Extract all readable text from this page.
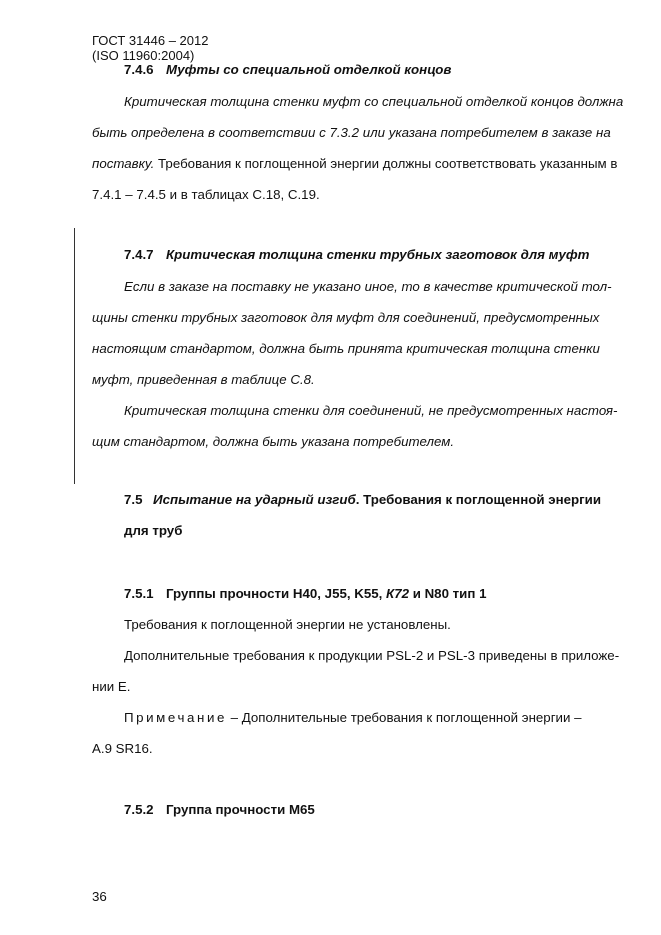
ГОСТ 31446 – 2012
(ISO 11960:2004)
7.4.6 Муфты со специальной отделкой концов
Критическая толщина стенки муфт со специальной отделкой концов должна
быть определена в соответствии с 7.3.2 или указана потребителем в заказе на
поставку. Требования к поглощенной энергии должны соответствовать указанным в
7.4.1 – 7.4.5 и в таблицах С.18, С.19.
7.4.7 Критическая толщина стенки трубных заготовок для муфт
Если в заказе на поставку не указано иное, то в качестве критической тол-
щины стенки трубных заготовок для муфт для соединений, предусмотренных
настоящим стандартом, должна быть принята критическая толщина стенки
муфт, приведенная в таблице С.8.
Критическая толщина стенки для соединений, не предусмотренных настоя-
щим стандартом, должна быть указана потребителем.
7.5 Испытание на ударный изгиб. Требования к поглощенной энергии
для труб
7.5.1 Группы прочности Н40, J55, K55, К72 и N80 тип 1
Требования к поглощенной энергии не установлены.
Дополнительные требования к продукции PSL-2 и PSL-3 приведены в приложе-
нии Е.
Примечание – Дополнительные требования к поглощенной энергии –
А.9 SR16.
7.5.2 Группа прочности М65
36
